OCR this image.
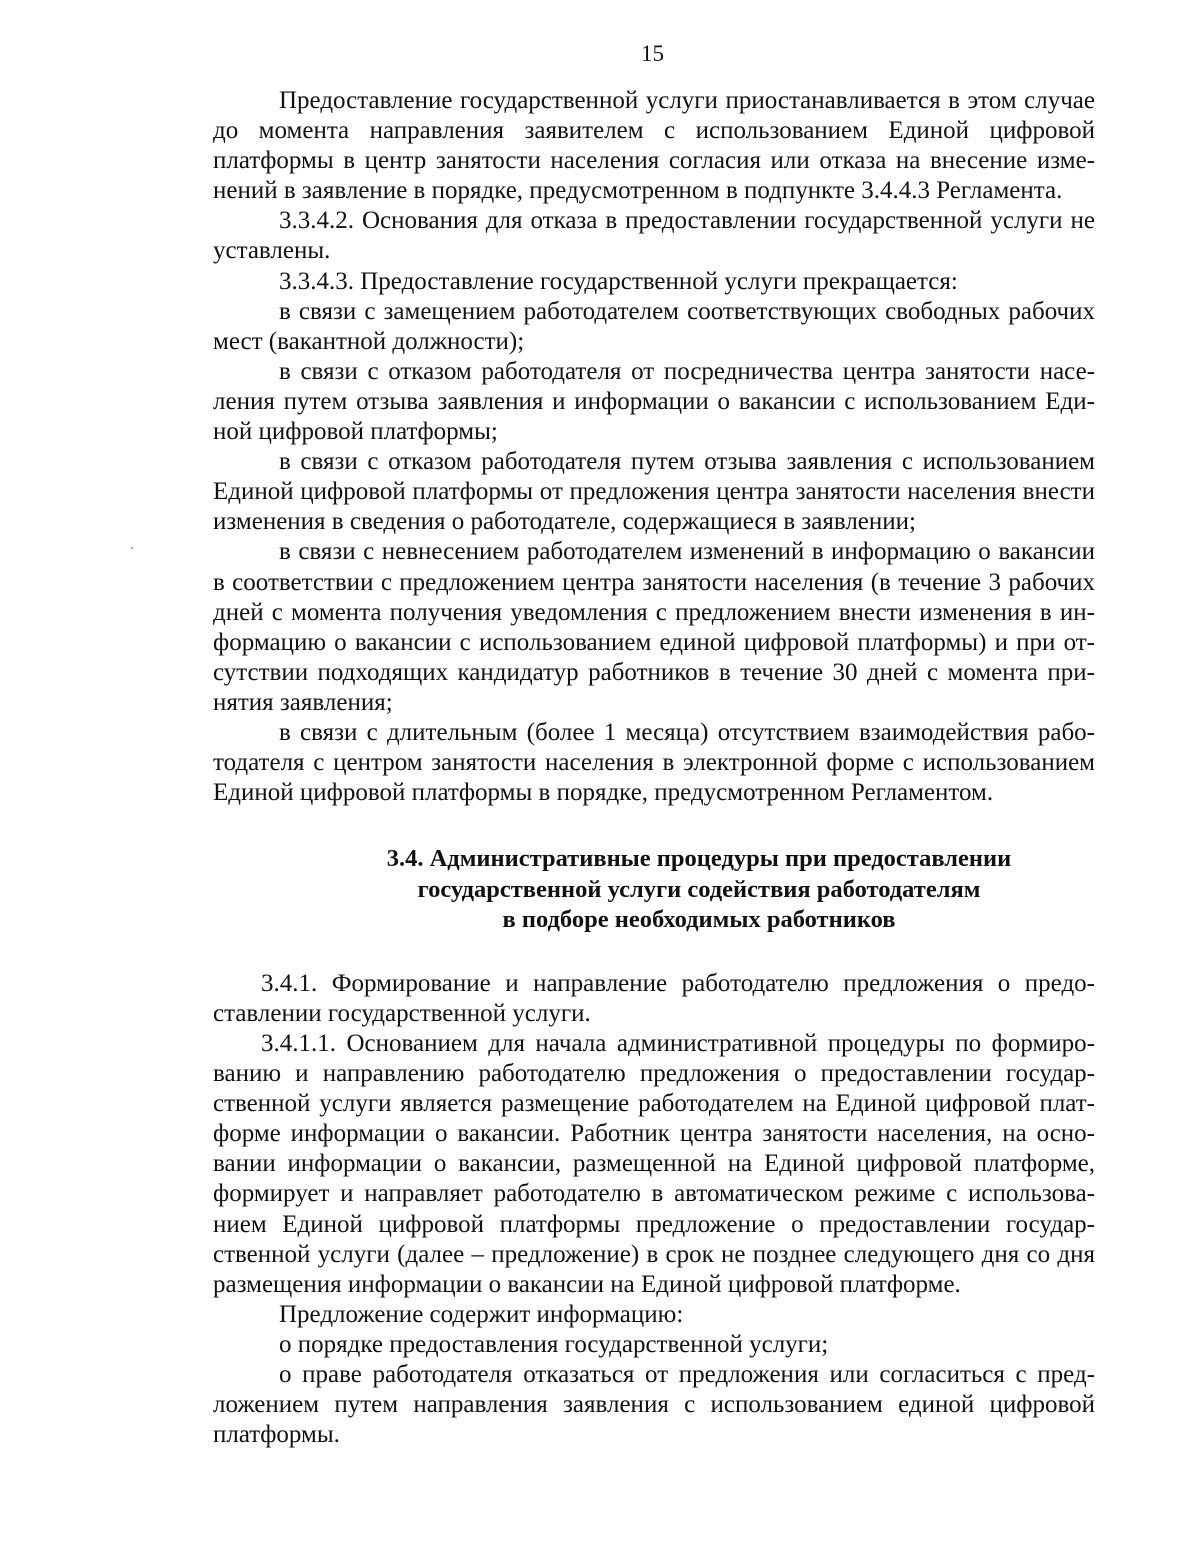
15

Предоставление государственной услуги приостанавливается в этом случае до момента направления заявителем с использованием Единой цифровой платформы в центр занятости населения согласия или отказа на внесение изменений в заявление в порядке, предусмотренном в подпункте 3.4.4.3 Регламента.

3.3.4.2. Основания для отказа в предоставлении государственной услуги не уставлены.

3.3.4.3. Предоставление государственной услуги прекращается:

в связи с замещением работодателем соответствующих свободных рабочих мест (вакантной должности);

в связи с отказом работодателя от посредничества центра занятости населения путем отзыва заявления и информации о вакансии с использованием Единой цифровой платформы;

в связи с отказом работодателя путем отзыва заявления с использованием Единой цифровой платформы от предложения центра занятости населения внести изменения в сведения о работодателе, содержащиеся в заявлении;

в связи с невнесением работодателем изменений в информацию о вакансии в соответствии с предложением центра занятости населения (в течение 3 рабочих дней с момента получения уведомления с предложением внести изменения в информацию о вакансии с использованием единой цифровой платформы) и при отсутствии подходящих кандидатур работников в течение 30 дней с момента принятия заявления;

в связи с длительным (более 1 месяца) отсутствием взаимодействия работодателя с центром занятости населения в электронной форме с использованием Единой цифровой платформы в порядке, предусмотренном Регламентом.

3.4. Административные процедуры при предоставлении
государственной услуги содействия работодателям
в подборе необходимых работников

3.4.1. Формирование и направление работодателю предложения о предоставлении государственной услуги.

3.4.1.1. Основанием для начала административной процедуры по формированию и направлению работодателю предложения о предоставлении государственной услуги является размещение работодателем на Единой цифровой платформе информации о вакансии. Работник центра занятости населения, на основании информации о вакансии, размещенной на Единой цифровой платформе, формирует и направляет работодателю в автоматическом режиме с использованием Единой цифровой платформы предложение о предоставлении государственной услуги (далее – предложение) в срок не позднее следующего дня со дня размещения информации о вакансии на Единой цифровой платформе.

Предложение содержит информацию:

о порядке предоставления государственной услуги;

о праве работодателя отказаться от предложения или согласиться с предложением путем направления заявления с использованием единой цифровой платформы.
